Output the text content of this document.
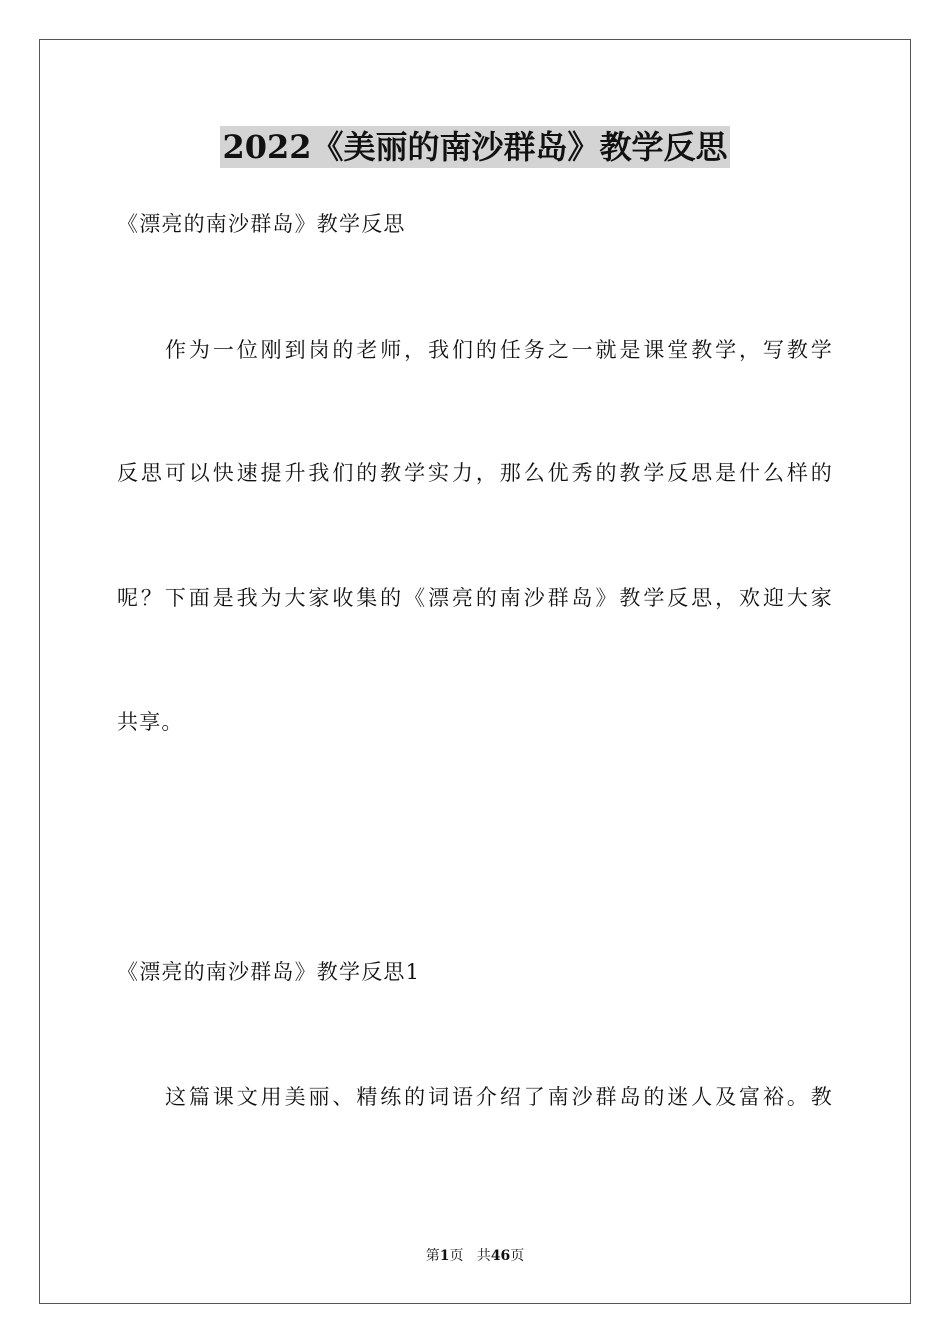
2022《美丽的南沙群岛》教学反思
《漂亮的南沙群岛》教学反思
作为一位刚到岗的老师，我们的任务之一就是课堂教学，写教学
反思可以快速提升我们的教学实力，那么优秀的教学反思是什么样的
呢？下面是我为大家收集的《漂亮的南沙群岛》教学反思，欢迎大家
共享。
《漂亮的南沙群岛》教学反思1
这篇课文用美丽、精练的词语介绍了南沙群岛的迷人及富裕。教
第1页 共46页
